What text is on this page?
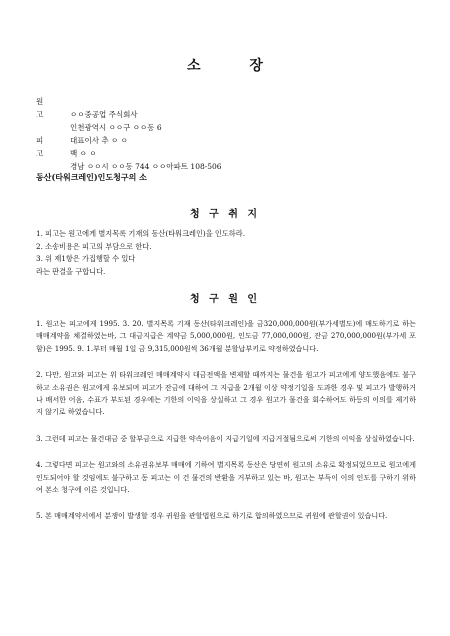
소 장
원 고	ㅇㅇ중공업 주식회사
인천광역시 ㅇㅇ구 ㅇㅇ동 6
대표이사 추 ㅇ ㅇ
피 고	백 ㅇ ㅇ
경남 ㅇㅇ시 ㅇㅇ동 744 ㅇㅇ아파트 108-506
동산(타워크레인)인도청구의 소
청 구 취 지

1. 피고는 원고에게 별지목록 기재의 동산(타워크레인)을 인도하라.

2. 소송비용은 피고의 부담으로 한다.

3. 위 제1항은 가집행할 수 있다

라는 판결을 구합니다.

청 구 원 인

1. 원고는 피고에게 1995. 3. 20. 별지목록 기재 동산(타워크레인)을 금320,000,000원(부가세별도)에 매도하기로 하는 매매계약을 체결하였는바, 그 대금지급은 계약금 5,000,000원, 인도금 77,000,000원, 잔금 270,000,000원(부가세 포함)은 1995. 9. 1.부터 매월 1일 금 9,315,000원씩 36개월 분할납부키로 약정하였습니다.

2. 다만, 원고와 피고는 위 타워크레인 매매계약시 대금전액을 변제할 때까지는 물건을 원고가 피고에게 양도했음에도 불구하고 소유권은 원고에게 유보되며 피고가 잔금에 대하여 그 지급을 2개월 이상 약정기일을 도과한 경우 및 피고가 발행하거나 배서한 어음, 수표가 부도된 경우에는 기한의 이익을 상실하고 그 경우 원고가 물건을 회수하여도 하등의 이의를 제기하지 않기로 하였습니다.

3. 그런데 피고는 물건대금 중 할부금으로 지급한 약속어음이 지급기일에 지급거절됨으로써 기한의 이익을 상실하였습니다.

4. 그렇다면 피고는 원고와의 소유권유보부 매매에 기하여 별지목록 동산은 당연히 원고의 소유로 확정되었으므로 원고에게 인도되어야 할 것임에도 불구하고 동 피고는 이 건 물건의 반환을 거부하고 있는 바, 원고는 부득이 이의 인도를 구하기 위하여 본소 청구에 이른 것입니다.

5. 본 매매계약서에서 분쟁이 발생할 경우 귀원을 관할법원으로 하기로 합의하였으므로 귀원에 관할권이 있습니다.
